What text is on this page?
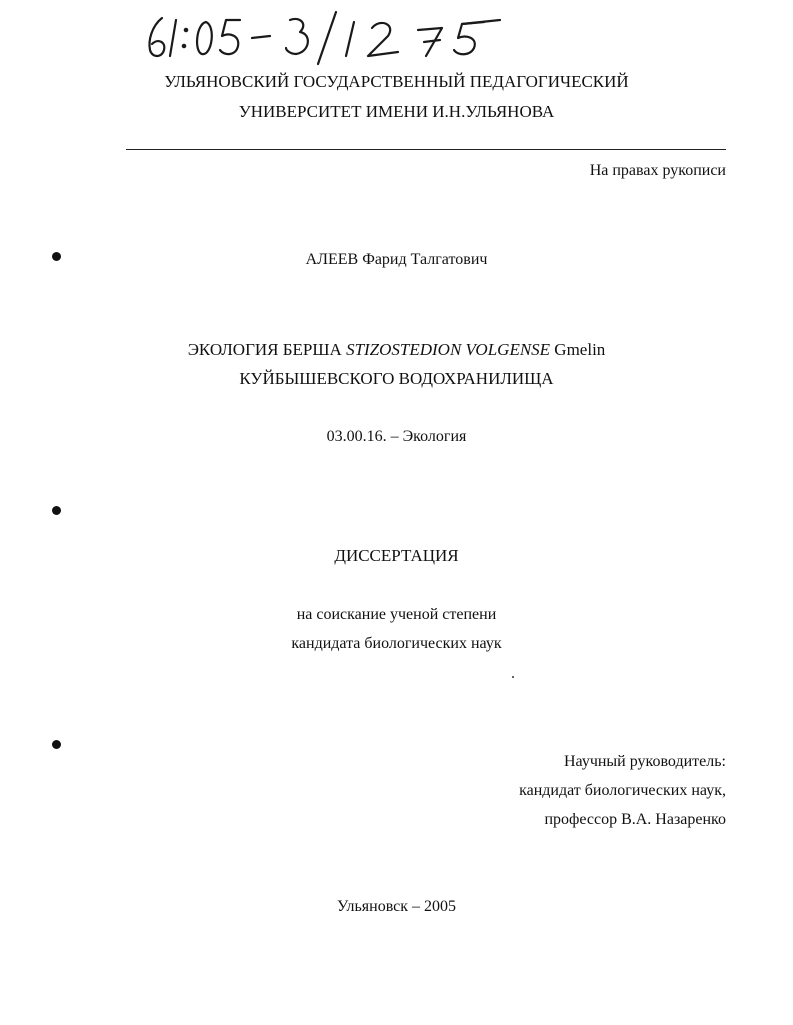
УЛЬЯНОВСКИЙ ГОСУДАРСТВЕННЫЙ ПЕДАГОГИЧЕСКИЙ
УНИВЕРСИТЕТ ИМЕНИ И.Н.УЛЬЯНОВА
На правах рукописи
АЛЕЕВ Фарид Талгатович
ЭКОЛОГИЯ БЕРША STIZOSTEDION VOLGENSE Gmelin
КУЙБЫШЕВСКОГО ВОДОХРАНИЛИЩА
03.00.16. – Экология
ДИССЕРТАЦИЯ
на соискание ученой степени
кандидата биологических наук
Научный руководитель:
кандидат биологических наук,
профессор В.А. Назаренко
Ульяновск – 2005
